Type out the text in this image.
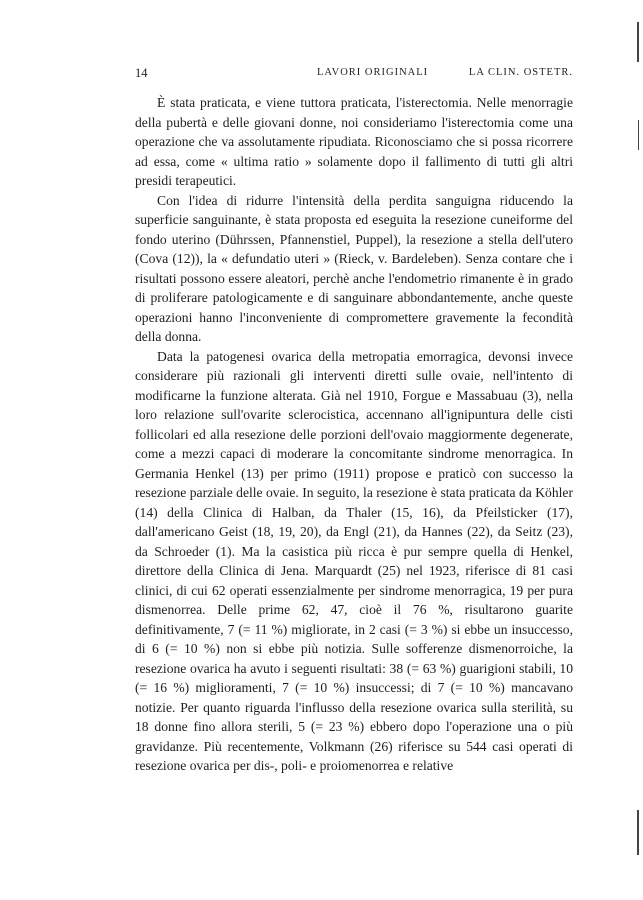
14	LAVORI ORIGINALI	LA CLIN. OSTETR.

È stata praticata, e viene tuttora praticata, l'isterectomia. Nelle menorragie della pubertà e delle giovani donne, noi consideriamo l'isterectomia come una operazione che va assolutamente ripudiata. Riconosciamo che si possa ricorrere ad essa, come « ultima ratio » solamente dopo il fallimento di tutti gli altri presidi terapeutici.

Con l'idea di ridurre l'intensità della perdita sanguigna riducendo la superficie sanguinante, è stata proposta ed eseguita la resezione cuneiforme del fondo uterino (Dührssen, Pfannenstiel, Puppel), la resezione a stella dell'utero (Cova (12)), la « defundatio uteri » (Rieck, v. Bardeleben). Senza contare che i risultati possono essere aleatori, perchè anche l'endometrio rimanente è in grado di proliferare patologicamente e di sanguinare abbondantemente, anche queste operazioni hanno l'inconveniente di compromettere gravemente la fecondità della donna.

Data la patogenesi ovarica della metropatia emorragica, devonsi invece considerare più razionali gli interventi diretti sulle ovaie, nell'intento di modificarne la funzione alterata. Già nel 1910, Forgue e Massabuau (3), nella loro relazione sull'ovarite sclerocistica, accennano all'ignipuntura delle cisti follicolari ed alla resezione delle porzioni dell'ovaio maggiormente degenerate, come a mezzi capaci di moderare la concomitante sindrome menorragica. In Germania Henkel (13) per primo (1911) propose e praticò con successo la resezione parziale delle ovaie. In seguito, la resezione è stata praticata da Köhler (14) della Clinica di Halban, da Thaler (15, 16), da Pfeilsticker (17), dall'americano Geist (18, 19, 20), da Engl (21), da Hannes (22), da Seitz (23), da Schroeder (1). Ma la casistica più ricca è pur sempre quella di Henkel, direttore della Clinica di Jena. Marquardt (25) nel 1923, riferisce di 81 casi clinici, di cui 62 operati essenzialmente per sindrome menorragica, 19 per pura dismenorrea. Delle prime 62, 47, cioè il 76 %, risultarono guarite definitivamente, 7 (= 11 %) migliorate, in 2 casi (= 3 %) si ebbe un insuccesso, di 6 (= 10 %) non si ebbe più notizia. Sulle sofferenze dismenorroiche, la resezione ovarica ha avuto i seguenti risultati: 38 (= 63 %) guarigioni stabili, 10 (= 16 %) miglioramenti, 7 (= 10 %) insuccessi; di 7 (= 10 %) mancavano notizie. Per quanto riguarda l'influsso della resezione ovarica sulla sterilità, su 18 donne fino allora sterili, 5 (= 23 %) ebbero dopo l'operazione una o più gravidanze. Più recentemente, Volkmann (26) riferisce su 544 casi operati di resezione ovarica per dis-, poli- e proiomenorrea e relative
